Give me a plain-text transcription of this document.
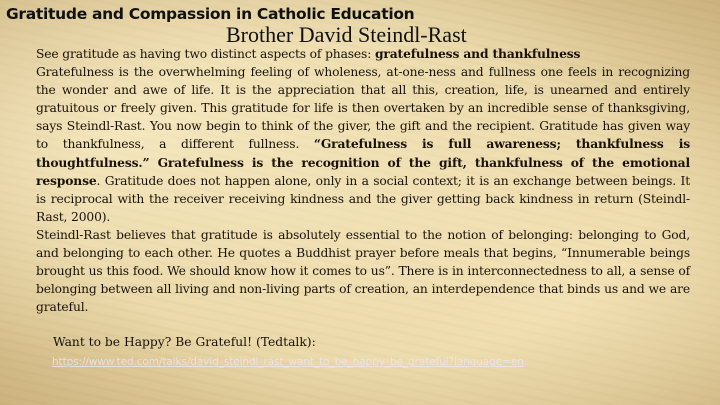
Gratitude and Compassion in Catholic Education
Brother David Steindl-Rast

See gratitude as having two distinct aspects of phases: gratefulness and thankfulness

Gratefulness is the overwhelming feeling of wholeness, at-one-ness and fullness one feels in recognizing the wonder and awe of life. It is the appreciation that all this, creation, life, is unearned and entirely gratuitous or freely given. This gratitude for life is then overtaken by an incredible sense of thanksgiving, says Steindl-Rast. You now begin to think of the giver, the gift and the recipient. Gratitude has given way to thankfulness, a different fullness. “Gratefulness is full awareness; thankfulness is thoughtfulness.” Gratefulness is the recognition of the gift, thankfulness of the emotional response. Gratitude does not happen alone, only in a social context; it is an exchange between beings. It is reciprocal with the receiver receiving kindness and the giver getting back kindness in return (Steindl-Rast, 2000).

Steindl-Rast believes that gratitude is absolutely essential to the notion of belonging: belonging to God, and belonging to each other. He quotes a Buddhist prayer before meals that begins, “Innumerable beings brought us this food. We should know how it comes to us”. There is in interconnectedness to all, a sense of belonging between all living and non-living parts of creation, an interdependence that binds us and we are grateful.

Want to be Happy? Be Grateful! (Tedtalk):
https://www.ted.com/talks/david_steindl_rast_want_to_be_happy_be_grateful?language=en
